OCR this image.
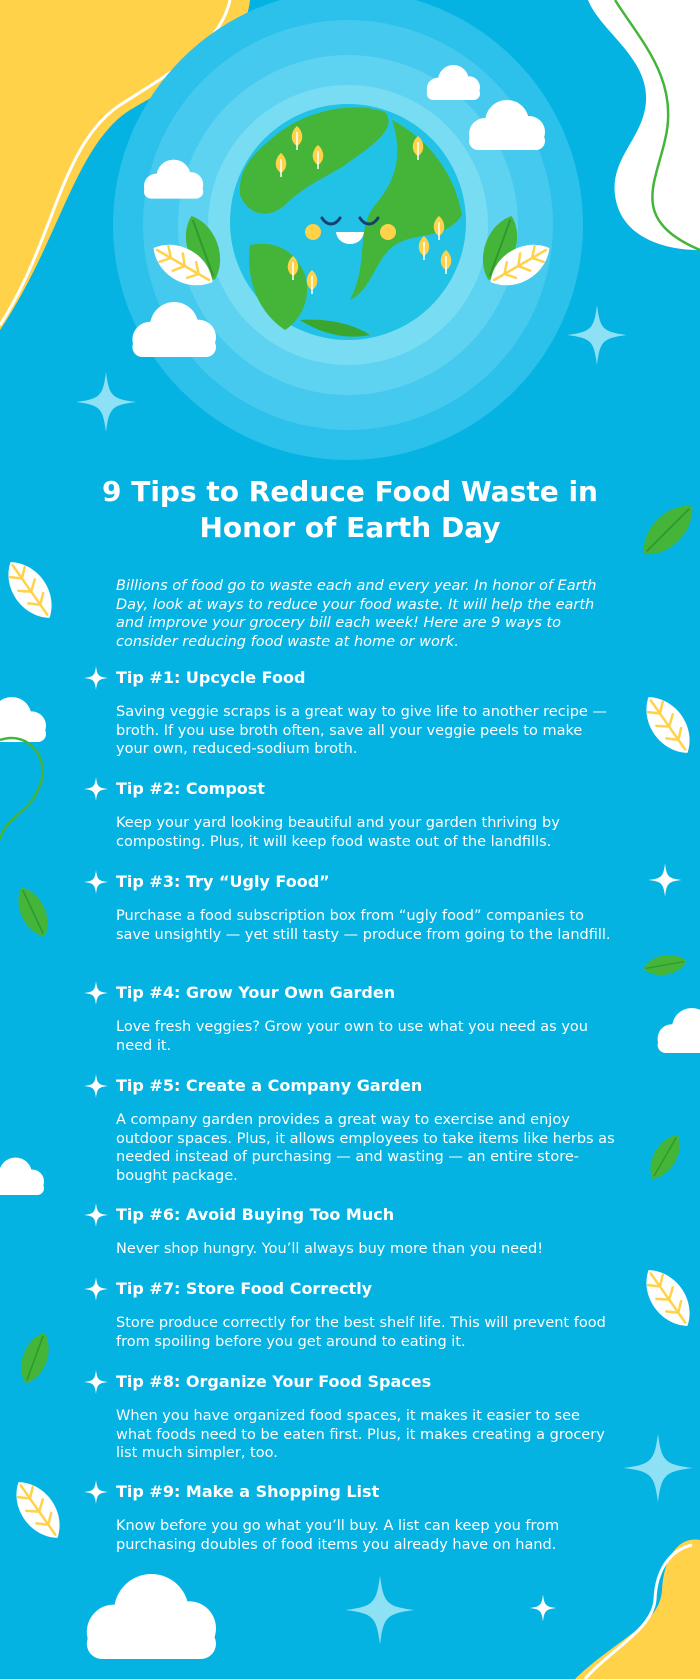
9 Tips to Reduce Food Waste in Honor of Earth Day

Billions of food go to waste each and every year. In honor of Earth Day, look at ways to reduce your food waste. It will help the earth and improve your grocery bill each week! Here are 9 ways to consider reducing food waste at home or work.

Tip #1: Upcycle Food

Saving veggie scraps is a great way to give life to another recipe — broth. If you use broth often, save all your veggie peels to make your own, reduced-sodium broth.

Tip #2: Compost

Keep your yard looking beautiful and your garden thriving by composting. Plus, it will keep food waste out of the landfills.

Tip #3: Try “Ugly Food”

Purchase a food subscription box from “ugly food” companies to save unsightly — yet still tasty — produce from going to the landfill.

Tip #4: Grow Your Own Garden

Love fresh veggies? Grow your own to use what you need as you need it.

Tip #5: Create a Company Garden

A company garden provides a great way to exercise and enjoy outdoor spaces. Plus, it allows employees to take items like herbs as needed instead of purchasing — and wasting — an entire store-bought package.

Tip #6: Avoid Buying Too Much

Never shop hungry. You’ll always buy more than you need!

Tip #7: Store Food Correctly

Store produce correctly for the best shelf life. This will prevent food from spoiling before you get around to eating it.

Tip #8: Organize Your Food Spaces

When you have organized food spaces, it makes it easier to see what foods need to be eaten first. Plus, it makes creating a grocery list much simpler, too.

Tip #9: Make a Shopping List

Know before you go what you’ll buy. A list can keep you from purchasing doubles of food items you already have on hand.
